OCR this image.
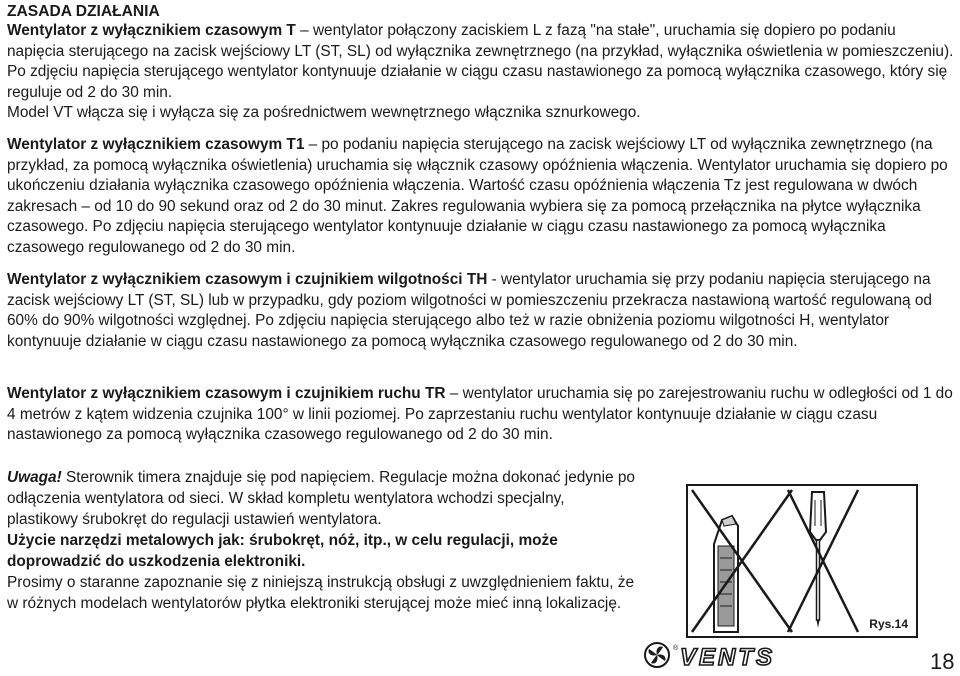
ZASADA DZIAŁANIA

Wentylator z wyłącznikiem czasowym T – wentylator połączony zaciskiem L z fazą "na stałe", uruchamia się dopiero po podaniu napięcia sterującego na zacisk wejściowy LT (ST, SL) od wyłącznika zewnętrznego (na przykład, wyłącznika oświetlenia w pomieszczeniu). Po zdjęciu napięcia sterującego wentylator kontynuuje działanie w ciągu czasu nastawionego za pomocą wyłącznika czasowego, który się reguluje od 2 do 30 min.
Model VT włącza się i wyłącza się za pośrednictwem wewnętrznego włącznika sznurkowego.

Wentylator z wyłącznikiem czasowym T1 – po podaniu napięcia sterującego na zacisk wejściowy LT od wyłącznika zewnętrznego (na przykład, za pomocą wyłącznika oświetlenia) uruchamia się włącznik czasowy opóźnienia włączenia. Wentylator uruchamia się dopiero po ukończeniu działania wyłącznika czasowego opóźnienia włączenia. Wartość czasu opóźnienia włączenia Tz jest regulowana w dwóch zakresach – od 10 do 90 sekund oraz od 2 do 30 minut. Zakres regulowania wybiera się za pomocą przełącznika na płytce wyłącznika czasowego. Po zdjęciu napięcia sterującego wentylator kontynuuje działanie w ciągu czasu nastawionego za pomocą wyłącznika czasowego regulowanego od 2 do 30 min.

Wentylator z wyłącznikiem czasowym i czujnikiem wilgotności TH - wentylator uruchamia się przy podaniu napięcia sterującego na zacisk wejściowy LT (ST, SL) lub w przypadku, gdy poziom wilgotności w pomieszczeniu przekracza nastawioną wartość regulowaną od 60% do 90% wilgotności względnej. Po zdjęciu napięcia sterującego albo też w razie obniżenia poziomu wilgotności H, wentylator kontynuuje działanie w ciągu czasu nastawionego za pomocą wyłącznika czasowego regulowanego od 2 do 30 min.

Wentylator z wyłącznikiem czasowym i czujnikiem ruchu TR – wentylator uruchamia się po zarejestrowaniu ruchu w odległości od 1 do 4 metrów z kątem widzenia czujnika 100° w linii poziomej. Po zaprzestaniu ruchu wentylator kontynuuje działanie w ciągu czasu nastawionego za pomocą wyłącznika czasowego regulowanego od 2 do 30 min.

Uwaga! Sterownik timera znajduje się pod napięciem. Regulacje można dokonać jedynie po odłączenia wentylatora od sieci. W skład kompletu wentylatora wchodzi specjalny, plastikowy śrubokręt do regulacji ustawień wentylatora.
Użycie narzędzi metalowych jak: śrubokręt, nóż, itp., w celu regulacji, może doprowadzić do uszkodzenia elektroniki.
Prosimy o staranne zapoznanie się z niniejszą instrukcją obsługi z uwzględnieniem faktu, że w różnych modelach wentylatorów płytka elektroniki sterującej może mieć inną lokalizację.

Rys.14
® VENTS	18
